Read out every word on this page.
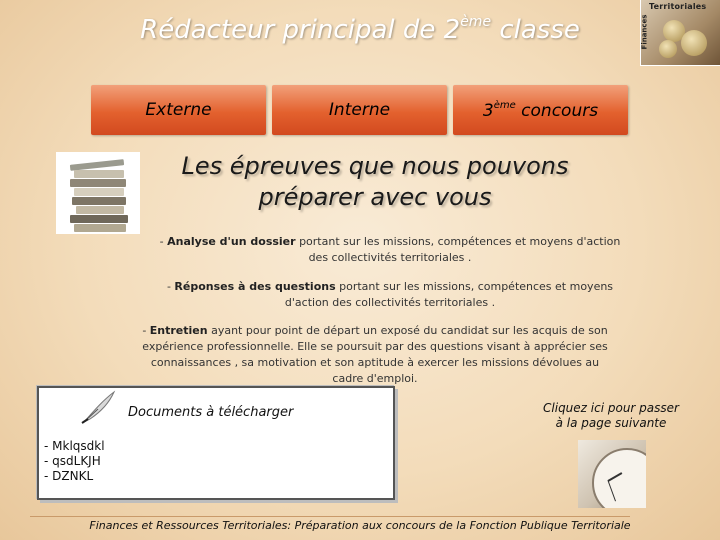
Rédacteur principal de 2ème classe
Territoriales
Finances
Externe	Interne	3ème concours
Les épreuves que nous pouvons
préparer avec vous
- Analyse d'un dossier portant sur les missions, compétences et moyens d'action des collectivités territoriales .
- Réponses à des questions portant sur les missions, compétences et moyens d'action des collectivités territoriales .
- Entretien ayant pour point de départ un exposé du candidat sur les acquis de son expérience professionnelle. Elle se poursuit par des questions visant à apprécier ses connaissances , sa motivation et son aptitude à exercer les missions dévolues au cadre d'emploi.
Documents à télécharger
- Mklqsdkl
- qsdLKJH
- DZNKL
Cliquez ici pour passer
à la page suivante
Finances et Ressources Territoriales: Préparation aux concours de la Fonction Publique Territoriale
